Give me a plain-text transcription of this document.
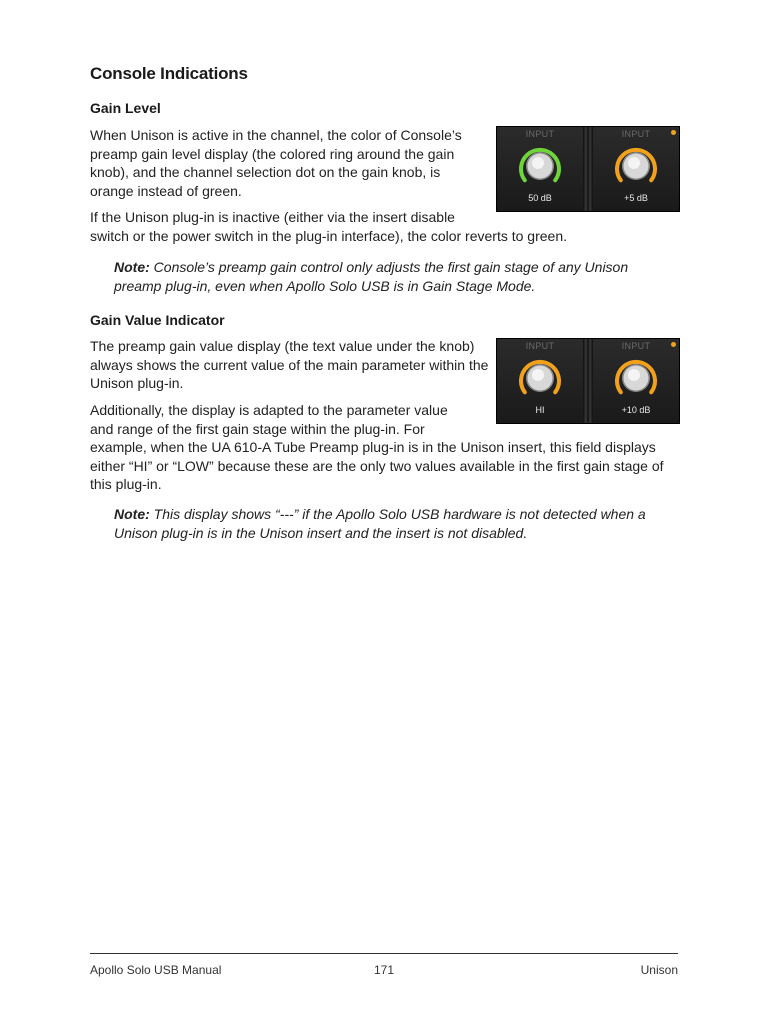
Console Indications
Gain Level

When Unison is active in the channel, the color of Console’s preamp gain level display (the colored ring around the gain knob), and the channel selection dot on the gain knob, is orange instead of green.

If the Unison plug-in is inactive (either via the insert disable
switch or the power switch in the plug-in interface), the color reverts to green.

Note: Console’s preamp gain control only adjusts the first gain stage of any Unison preamp plug-in, even when Apollo Solo USB is in Gain Stage Mode.

INPUT
50 dB
INPUT
+5 dB
Gain Value Indicator

The preamp gain value display (the text value under the knob) always shows the current value of the main parameter within the Unison plug-in.

Additionally, the display is adapted to the parameter value
and range of the first gain stage within the plug-in. For
example, when the UA 610-A Tube Preamp plug-in is in the Unison insert, this field displays either “HI” or “LOW” because these are the only two values available in the first gain stage of this plug-in.

Note: This display shows “---” if the Apollo Solo USB hardware is not detected when a Unison plug-in is in the Unison insert and the insert is not disabled.

INPUT
HI
INPUT
+10 dB
Apollo Solo USB Manual	171	Unison
